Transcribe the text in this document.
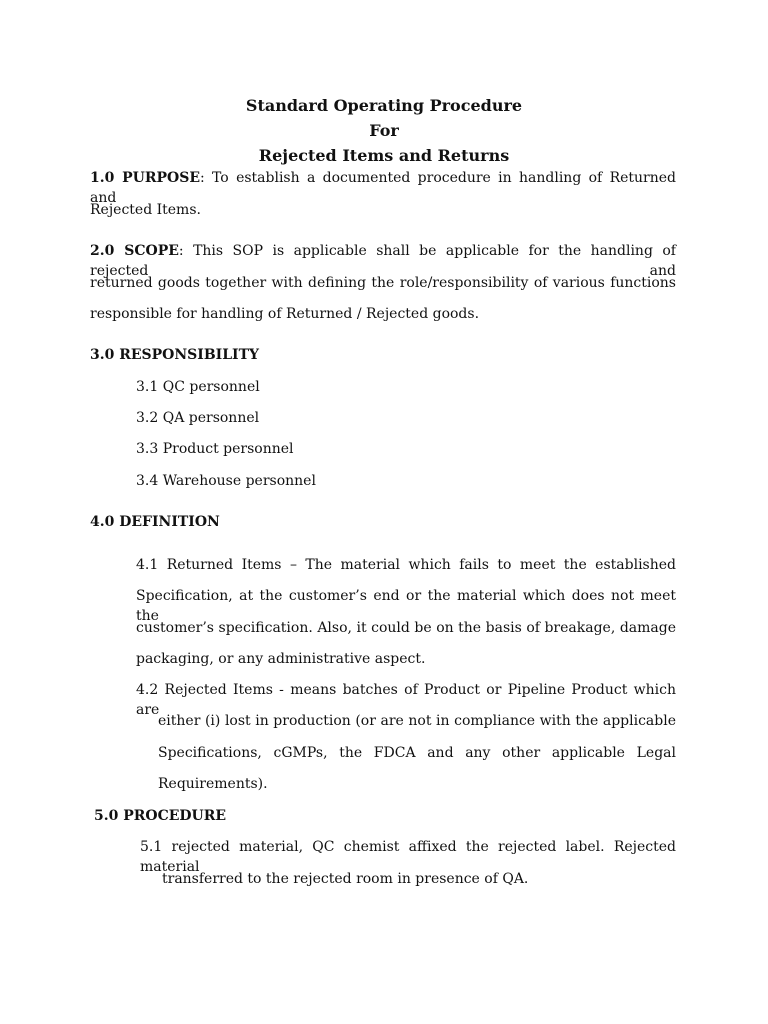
Standard Operating Procedure
For
Rejected Items and Returns
1.0 PURPOSE: To establish a documented procedure in handling of Returned and
Rejected Items.
2.0 SCOPE: This SOP is applicable shall be applicable for the handling of rejected and
returned goods together with defining the role/responsibility of various functions
responsible for handling of Returned / Rejected goods.
3.0 RESPONSIBILITY
3.1 QC personnel
3.2 QA personnel
3.3 Product personnel
3.4 Warehouse personnel
4.0 DEFINITION
4.1 Returned Items – The material which fails to meet the established
Specification, at the customer’s end or the material which does not meet the
customer’s specification. Also, it could be on the basis of breakage, damage
packaging, or any administrative aspect.
4.2 Rejected Items - means batches of Product or Pipeline Product which are
either (i) lost in production (or are not in compliance with the applicable
Specifications, cGMPs, the FDCA and any other applicable Legal
Requirements).
5.0 PROCEDURE
5.1 rejected material, QC chemist affixed the rejected label. Rejected material
transferred to the rejected room in presence of QA.
